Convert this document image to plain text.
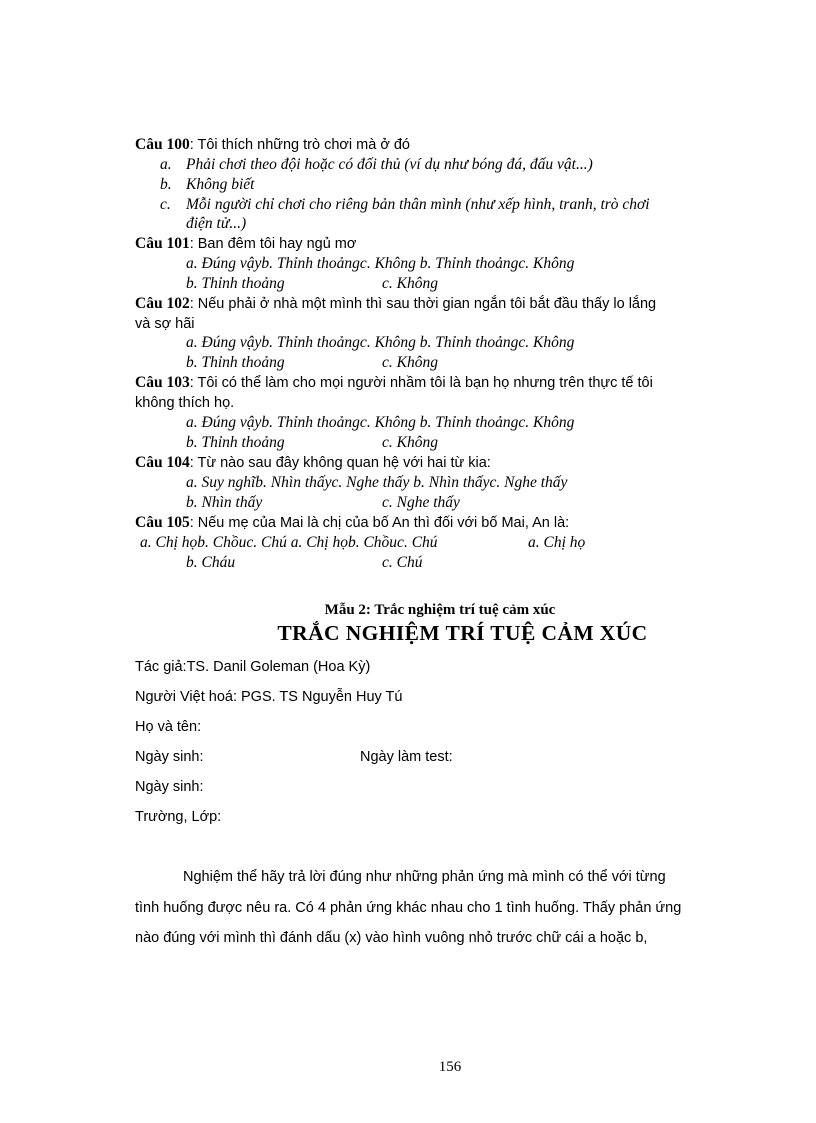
Câu 100: Tôi thích những trò chơi mà ở đó
a. Phải chơi theo đội hoặc có đối thủ (ví dụ như bóng đá, đấu vật...)
b. Không biết
c. Mỗi người chỉ chơi cho riêng bản thân mình (như xếp hình, tranh, trò chơi
điện tử...)
Câu 101: Ban đêm tôi hay ngủ mơ
a. Đúng vậyb. Thỉnh thoảngc. Không b. Thỉnh thoảngc. Không
b. Thỉnh thoảng	c. Không
Câu 102: Nếu phải ở nhà một mình thì sau thời gian ngắn tôi bắt đầu thấy lo lắng
và sợ hãi
a. Đúng vậyb. Thỉnh thoảngc. Không b. Thỉnh thoảngc. Không
b. Thỉnh thoảng	c. Không
Câu 103: Tôi có thể làm cho mọi người nhầm tôi là bạn họ nhưng trên thực tế tôi
không thích họ.
a. Đúng vậyb. Thỉnh thoảngc. Không b. Thỉnh thoảngc. Không
b. Thỉnh thoảng	c. Không
Câu 104: Từ nào sau đây không quan hệ với hai từ kia:
a. Suy nghĩb. Nhìn thấyc. Nghe thấy b. Nhìn thấyc. Nghe thấy
b. Nhìn thấy	c. Nghe thấy
Câu 105: Nếu mẹ của Mai là chị của bố An thì đối với bố Mai, An là:
a. Chị họb. Chồuc. Chú a. Chị họb. Chồuc. Chú	a. Chị họ
b. Cháu	c. Chú
Mẫu 2: Trắc nghiệm trí tuệ cảm xúc
TRẮC NGHIỆM TRÍ TUỆ CẢM XÚC
Tác giả:TS. Danil Goleman (Hoa Kỳ)
Người Việt hoá: PGS. TS Nguyễn Huy Tú
Họ và tên:
Ngày sinh:	Ngày làm test:
Ngày sinh:
Trường, Lớp:
Nghiệm thể hãy trả lời đúng như những phản ứng mà mình có thể với từng
tình huống được nêu ra. Có 4 phản ứng khác nhau cho 1 tình huống. Thấy phản ứng
nào đúng với mình thì đánh dấu (x) vào hình vuông nhỏ trước chữ cái a hoặc b,
156
